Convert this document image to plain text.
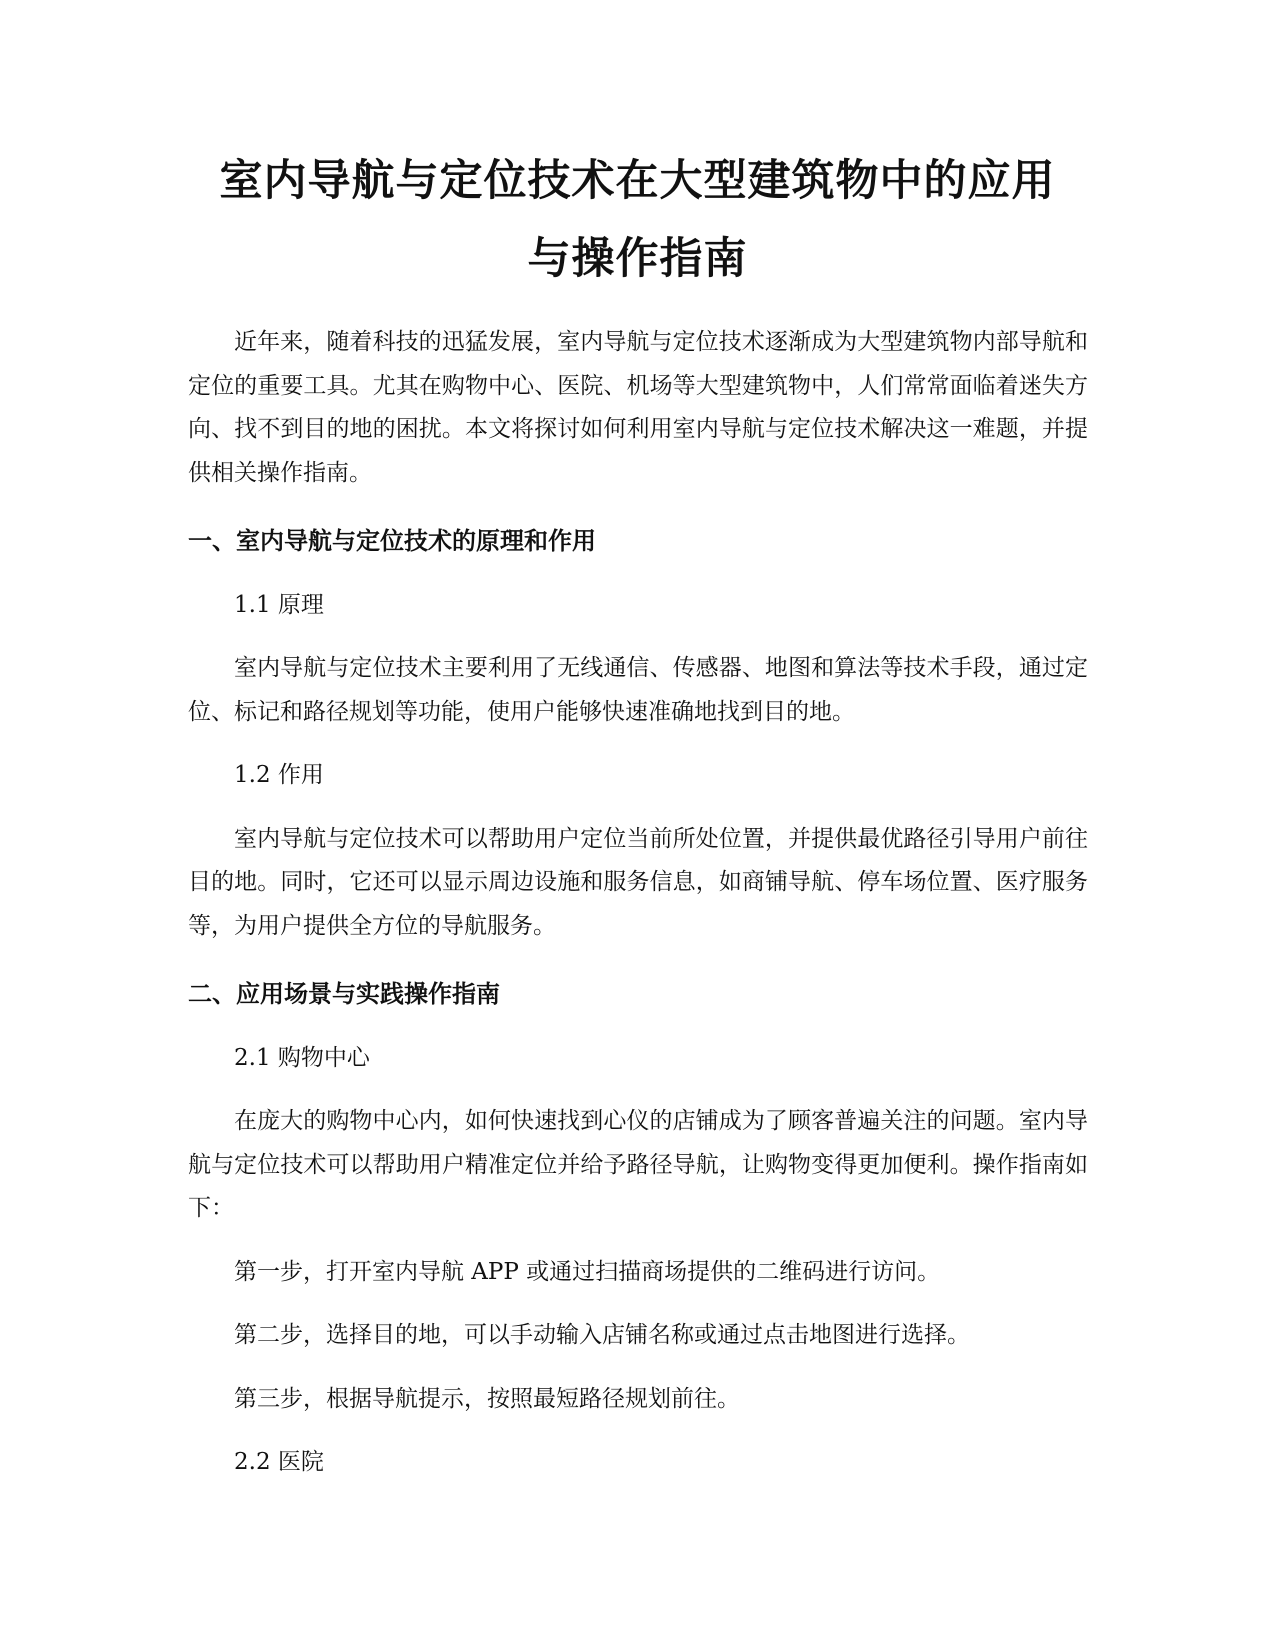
室内导航与定位技术在大型建筑物中的应用
与操作指南

近年来，随着科技的迅猛发展，室内导航与定位技术逐渐成为大型建筑物内部导航和定位的重要工具。尤其在购物中心、医院、机场等大型建筑物中，人们常常面临着迷失方向、找不到目的地的困扰。本文将探讨如何利用室内导航与定位技术解决这一难题，并提供相关操作指南。

一、室内导航与定位技术的原理和作用

1.1 原理

室内导航与定位技术主要利用了无线通信、传感器、地图和算法等技术手段，通过定位、标记和路径规划等功能，使用户能够快速准确地找到目的地。

1.2 作用

室内导航与定位技术可以帮助用户定位当前所处位置，并提供最优路径引导用户前往目的地。同时，它还可以显示周边设施和服务信息，如商铺导航、停车场位置、医疗服务等，为用户提供全方位的导航服务。

二、应用场景与实践操作指南

2.1 购物中心

在庞大的购物中心内，如何快速找到心仪的店铺成为了顾客普遍关注的问题。室内导航与定位技术可以帮助用户精准定位并给予路径导航，让购物变得更加便利。操作指南如下：

第一步，打开室内导航 APP 或通过扫描商场提供的二维码进行访问。

第二步，选择目的地，可以手动输入店铺名称或通过点击地图进行选择。

第三步，根据导航提示，按照最短路径规划前往。

2.2 医院
